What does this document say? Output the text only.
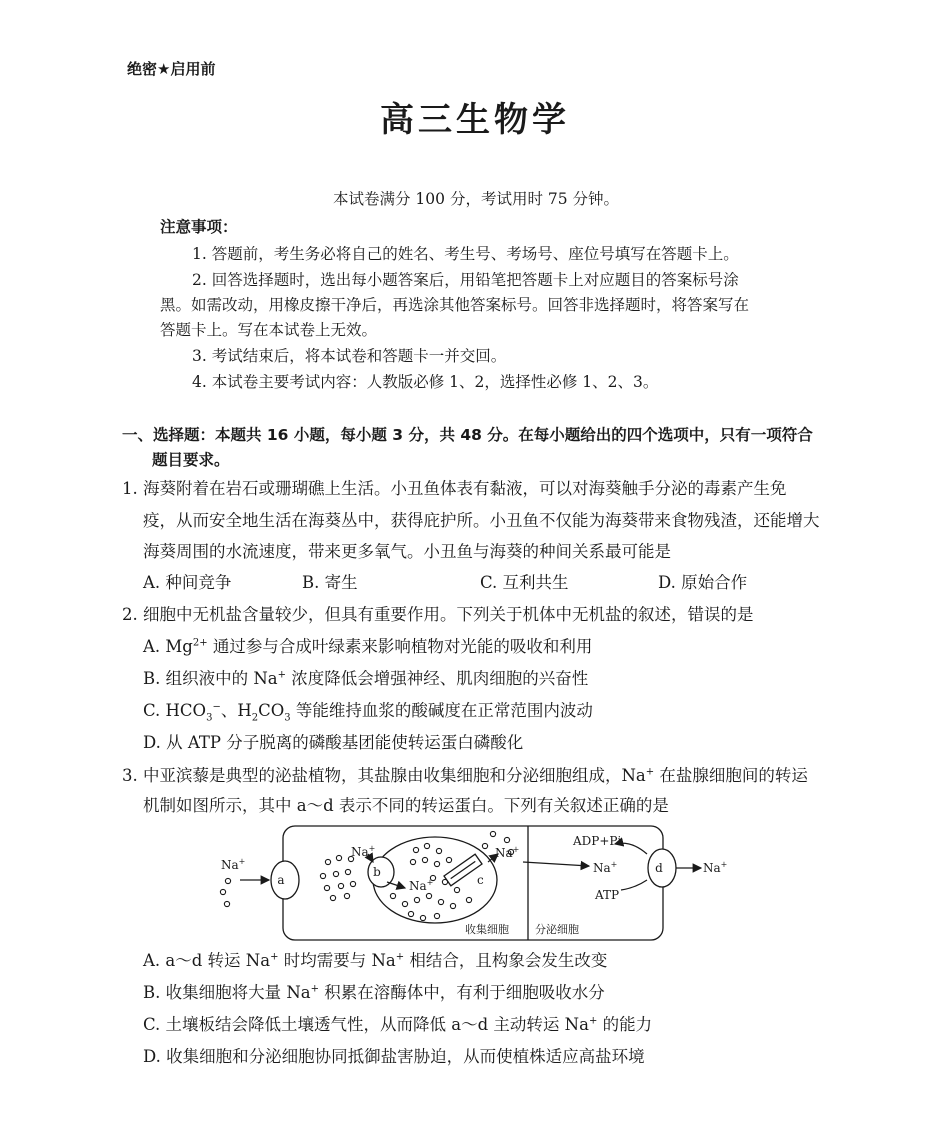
绝密★启用前
高三生物学
本试卷满分 100 分，考试用时 75 分钟。
注意事项：
1. 答题前，考生务必将自己的姓名、考生号、考场号、座位号填写在答题卡上。
2. 回答选择题时，选出每小题答案后，用铅笔把答题卡上对应题目的答案标号涂
黑。如需改动，用橡皮擦干净后，再选涂其他答案标号。回答非选择题时，将答案写在
答题卡上。写在本试卷上无效。
3. 考试结束后，将本试卷和答题卡一并交回。
4. 本试卷主要考试内容：人教版必修 1、2，选择性必修 1、2、3。
一、选择题：本题共 16 小题，每小题 3 分，共 48 分。在每小题给出的四个选项中，只有一项符合
题目要求。
1. 海葵附着在岩石或珊瑚礁上生活。小丑鱼体表有黏液，可以对海葵触手分泌的毒素产生免
疫，从而安全地生活在海葵丛中，获得庇护所。小丑鱼不仅能为海葵带来食物残渣，还能增大
海葵周围的水流速度，带来更多氧气。小丑鱼与海葵的种间关系最可能是
A. 种间竞争	B. 寄生	C. 互利共生	D. 原始合作
2. 细胞中无机盐含量较少，但具有重要作用。下列关于机体中无机盐的叙述，错误的是
A. $Mg^{2+}$ 通过参与合成叶绿素来影响植物对光能的吸收和利用
B. 组织液中的 Na+ 浓度降低会增强神经、肌肉细胞的兴奋性
C. $HCO_3^-$、$H_2CO_3$ 等能维持血浆的酸碱度在正常范围内波动
D. 从 ATP 分子脱离的磷酸基团能使转运蛋白磷酸化
3. 中亚滨藜是典型的泌盐植物，其盐腺由收集细胞和分泌细胞组成，Na+ 在盐腺细胞间的转运
机制如图所示，其中 a～d 表示不同的转运蛋白。下列有关叙述正确的是
Na+
a
Na+
b
Na+	c
Na+
ADP+Pi
Na+
ATP
d	Na+
收集细胞 分泌细胞
A. a～d 转运 Na+ 时均需要与 Na+ 相结合，且构象会发生改变
B. 收集细胞将大量 Na+ 积累在溶酶体中，有利于细胞吸收水分
C. 土壤板结会降低土壤透气性，从而降低 a～d 主动转运 Na+ 的能力
D. 收集细胞和分泌细胞协同抵御盐害胁迫，从而使植株适应高盐环境
